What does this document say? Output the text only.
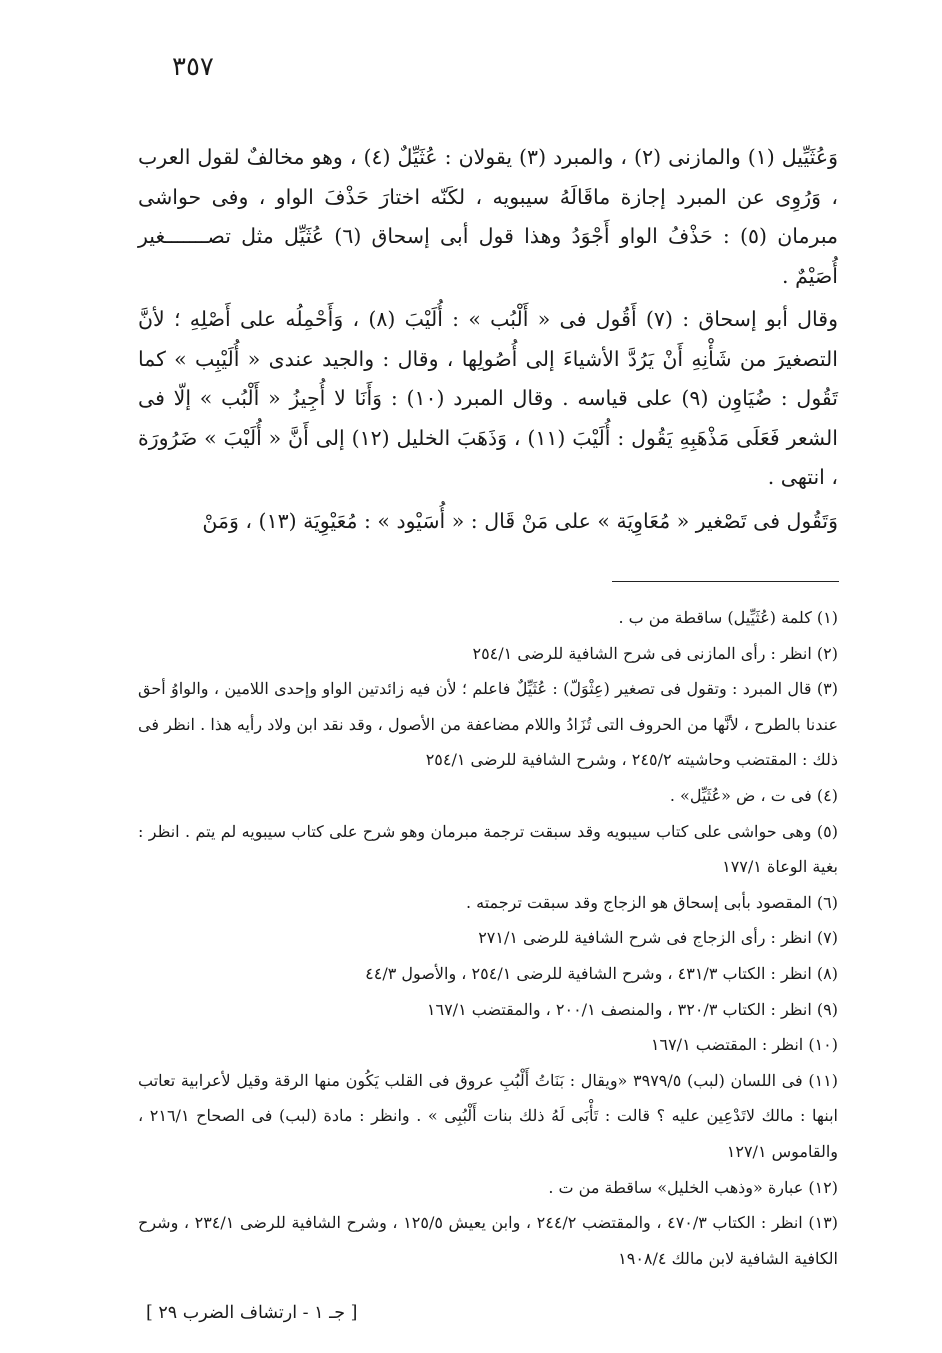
٣٥٧

وَعُثَيِّيل (١) والمازنى (٢) ، والمبرد (٣) يقولان : عُثَيِّلٌ (٤) ، وهو مخالفٌ لقول العرب ، وَرُوِى عن المبرد إجازة ماقَالَهُ سيبويه ، لكَنّه اختارَ حَذْفَ الواو ، وفى حواشى مبرمان (٥) : حَذْفُ الواو أَجْوَدُ وهذا قول أبى إسحاق (٦) عُثَيِّل مثل تصـــــــغير أُصَيْمٌ .

وقال أبو إسحاق : (٧) أَقُول فى « أَلْبُب » : أُلَيْبَ (٨) ، وَأَحْمِلُه على أَصْلِهِ ؛ لأنَّ التصغيرَ من شَأْنِهِ أَنْ يَرُدَّ الأشياءَ إلى أُصُولِها ، وقال : والجيد عندى « أُلَيْبِب » كما تَقُول : ضُيَاوِن (٩) على قياسه . وقال المبرد (١٠) : وَأَنَا لا أُجِيزُ « أَلْبُب » إلّا فى الشعر فَعَلَى مَذْهَبِهِ يَقُول : أُلَيْبَ (١١) ، وَذَهَبَ الخليل (١٢) إلى أَنَّ « أُلَيْبَ » ضَرُورَة ، انتهى .

وَتَقُول فى تَصْغير « مُعَاوِيَة » على مَنْ قَال : « أُسَيْود » : مُعَيْوِيَة (١٣) ، وَمَنْ

(١) كلمة (عُثَيِّيل) ساقطة من ب .

(٢) انظر : رأى المازنى فى شرح الشافية للرضى ٢٥٤/١

(٣) قال المبرد : وتقول فى تصغير (عِثْوَلّ) : عُثَيِّلٌ فاعلم ؛ لأن فيه زائدتين الواو وإحدى اللامين ، والواوُ أحق عندنا بالطرح ، لأنَّها من الحروف التى تُزَادُ واللام مضاعفة من الأصول ، وقد نقد ابن ولاد رأيه هذا . انظر فى ذلك : المقتضب وحاشيته ٢٤٥/٢ ، وشرح الشافية للرضى ٢٥٤/١

(٤) فى ت ، ض «عُثَيِّل» .

(٥) وهى حواشى على كتاب سيبويه وقد سبقت ترجمة مبرمان وهو شرح على كتاب سيبويه لم يتم . انظر : بغية الوعاة ١٧٧/١

(٦) المقصود بأبى إسحاق هو الزجاج وقد سبقت ترجمته .

(٧) انظر : رأى الزجاج فى شرح الشافية للرضى ٢٧١/١

(٨) انظر : الكتاب ٤٣١/٣ ، وشرح الشافية للرضى ٢٥٤/١ ، والأصول ٤٤/٣

(٩) انظر : الكتاب ٣٢٠/٣ ، والمنصف ٢٠٠/١ ، والمقتضب ١٦٧/١

(١٠) انظر : المقتضب ١٦٧/١

(١١) فى اللسان (لبب) ٣٩٧٩/٥ «ويقال : بَنَاتُ أَلْبُبِ عروق فى القلب يَكُون منها الرقة وقيل لأعرابية تعاتب ابنها : مالك لاتَدْعِين عليه ؟ قالت : تَأْبَى لَهُ ذلك بنات أَلْبُبِى » . وانظر : مادة (لبب) فى الصحاح ٢١٦/١ ، والقاموس ١٢٧/١

(١٢) عبارة «وذهب الخليل» ساقطة من ت .

(١٣) انظر : الكتاب ٤٧٠/٣ ، والمقتضب ٢٤٤/٢ ، وابن يعيش ١٢٥/٥ ، وشرح الشافية للرضى ٢٣٤/١ ، وشرح الكافية الشافية لابن مالك ١٩٠٨/٤

[ جـ ١ - ارتشاف الضرب ٢٩ ]
